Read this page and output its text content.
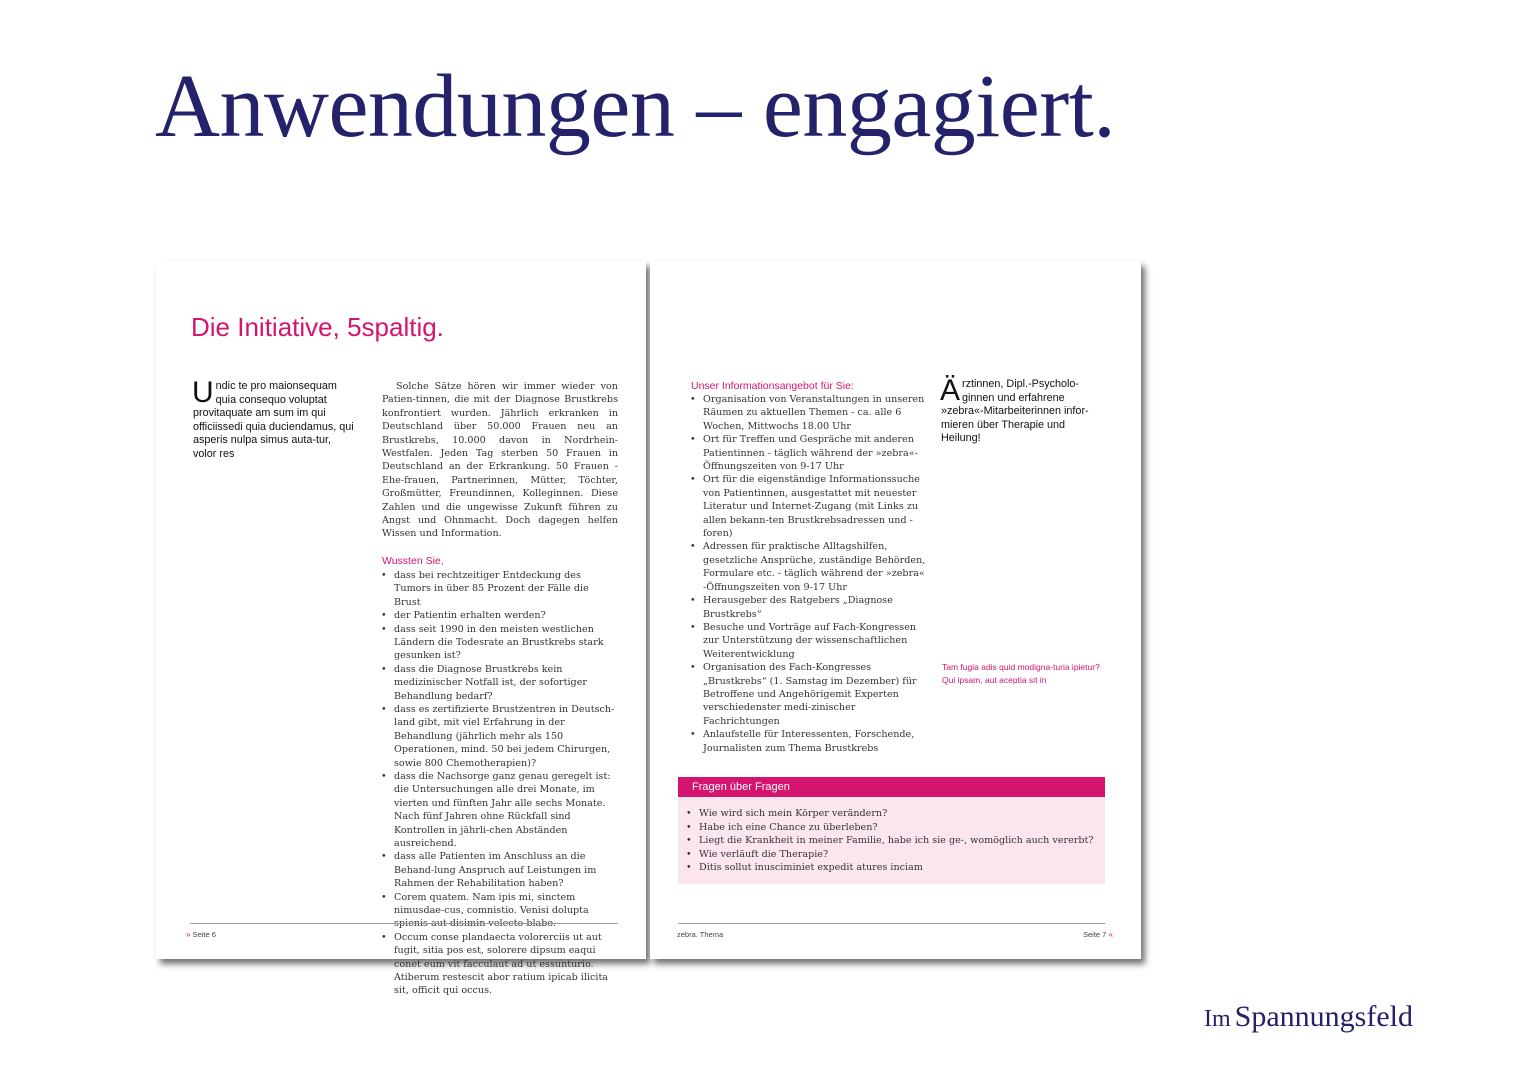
Anwendungen – engagiert.
Die Initiative, 5spaltig.
Undic te pro maionsequam quia consequo voluptat provitaquate am sum im qui officiissedi quia duciendamus, qui asperis nulpa simus auta-tur, volor res

Solche Sätze hören wir immer wieder von Patien-tinnen, die mit der Diagnose Brustkrebs konfrontiert wurden. Jährlich erkranken in Deutschland über 50.000 Frauen neu an Brustkrebs, 10.000 davon in Nordrhein-Westfalen. Jeden Tag sterben 50 Frauen in Deutschland an der Erkrankung. 50 Frauen - Ehe-frauen, Partnerinnen, Mütter, Töchter, Großmütter, Freundinnen, Kolleginnen. Diese Zahlen und die ungewisse Zukunft führen zu Angst und Ohnmacht. Doch dagegen helfen Wissen und Information.

Wussten Sie,
• dass bei rechtzeitiger Entdeckung des Tumors in über 85 Prozent der Fälle die Brust
• der Patientin erhalten werden?
• dass seit 1990 in den meisten westlichen Ländern die Todesrate an Brustkrebs stark gesunken ist?
• dass die Diagnose Brustkrebs kein medizinischer Notfall ist, der sofortiger Behandlung bedarf?
• dass es zertifizierte Brustzentren in Deutsch-land gibt, mit viel Erfahrung in der Behandlung (jährlich mehr als 150 Operationen, mind. 50 bei jedem Chirurgen, sowie 800 Chemotherapien)?
• dass die Nachsorge ganz genau geregelt ist: die Untersuchungen alle drei Monate, im vierten und fünften Jahr alle sechs Monate. Nach fünf Jahren ohne Rückfall sind Kontrollen in jährli-chen Abständen ausreichend.
• dass alle Patienten im Anschluss an die Behand-lung Anspruch auf Leistungen im Rahmen der Rehabilitation haben?
• Corem quatem. Nam ipis mi, sinctem nimusdae-cus, comnistio. Venisi dolupta spienis aut disimin velecto blabo.
• Occum conse plandaecta volorerciis ut aut fugit, sitia pos est, solorere dipsum eaqui conet eum vit facculaut ad ut essunturio. Atiberum restescit abor ratium ipicab ilicita sit, officit qui occus.
» Seite 6
Unser Informationsangebot für Sie:
• Organisation von Veranstaltungen in unseren Räumen zu aktuellen Themen - ca. alle 6 Wochen, Mittwochs 18.00 Uhr
• Ort für Treffen und Gespräche mit anderen Patientinnen - täglich während der »zebra«-Öffnungszeiten von 9-17 Uhr
• Ort für die eigenständige Informationssuche von Patientinnen, ausgestattet mit neuester Literatur und Internet-Zugang (mit Links zu allen bekann-ten Brustkrebsadressen und -foren)
• Adressen für praktische Alltagshilfen, gesetzliche Ansprüche, zuständige Behörden, Formulare etc. - täglich während der »zebra« -Öffnungszeiten von 9-17 Uhr
• Herausgeber des Ratgebers „Diagnose Brustkrebs“
• Besuche und Vorträge auf Fach-Kongressen zur Unterstützung der wissenschaftlichen Weiterentwicklung
• Organisation des Fach-Kongresses „Brustkrebs“ (1. Samstag im Dezember) für Betroffene und Angehörigemit Experten verschiedenster medi-zinischer Fachrichtungen
• Anlaufstelle für Interessenten, Forschende, Journalisten zum Thema Brustkrebs
Ärztinnen, Dipl.-Psycholo-ginnen und erfahrene »zebra«-Mitarbeiterinnen infor-mieren über Therapie und Heilung!
Tam fugia adis quid modigna-turia ipietur? Qui ipsam, aut aceptia sit in
Fragen über Fragen
• Wie wird sich mein Körper verändern?
• Habe ich eine Chance zu überleben?
• Liegt die Krankheit in meiner Familie, habe ich sie ge-, womöglich auch vererbt?
• Wie verläuft die Therapie?
• Ditis sollut inusciminiet expedit atures inciam
zebra. Thema	Seite 7 «
Im Spannungsfeld
